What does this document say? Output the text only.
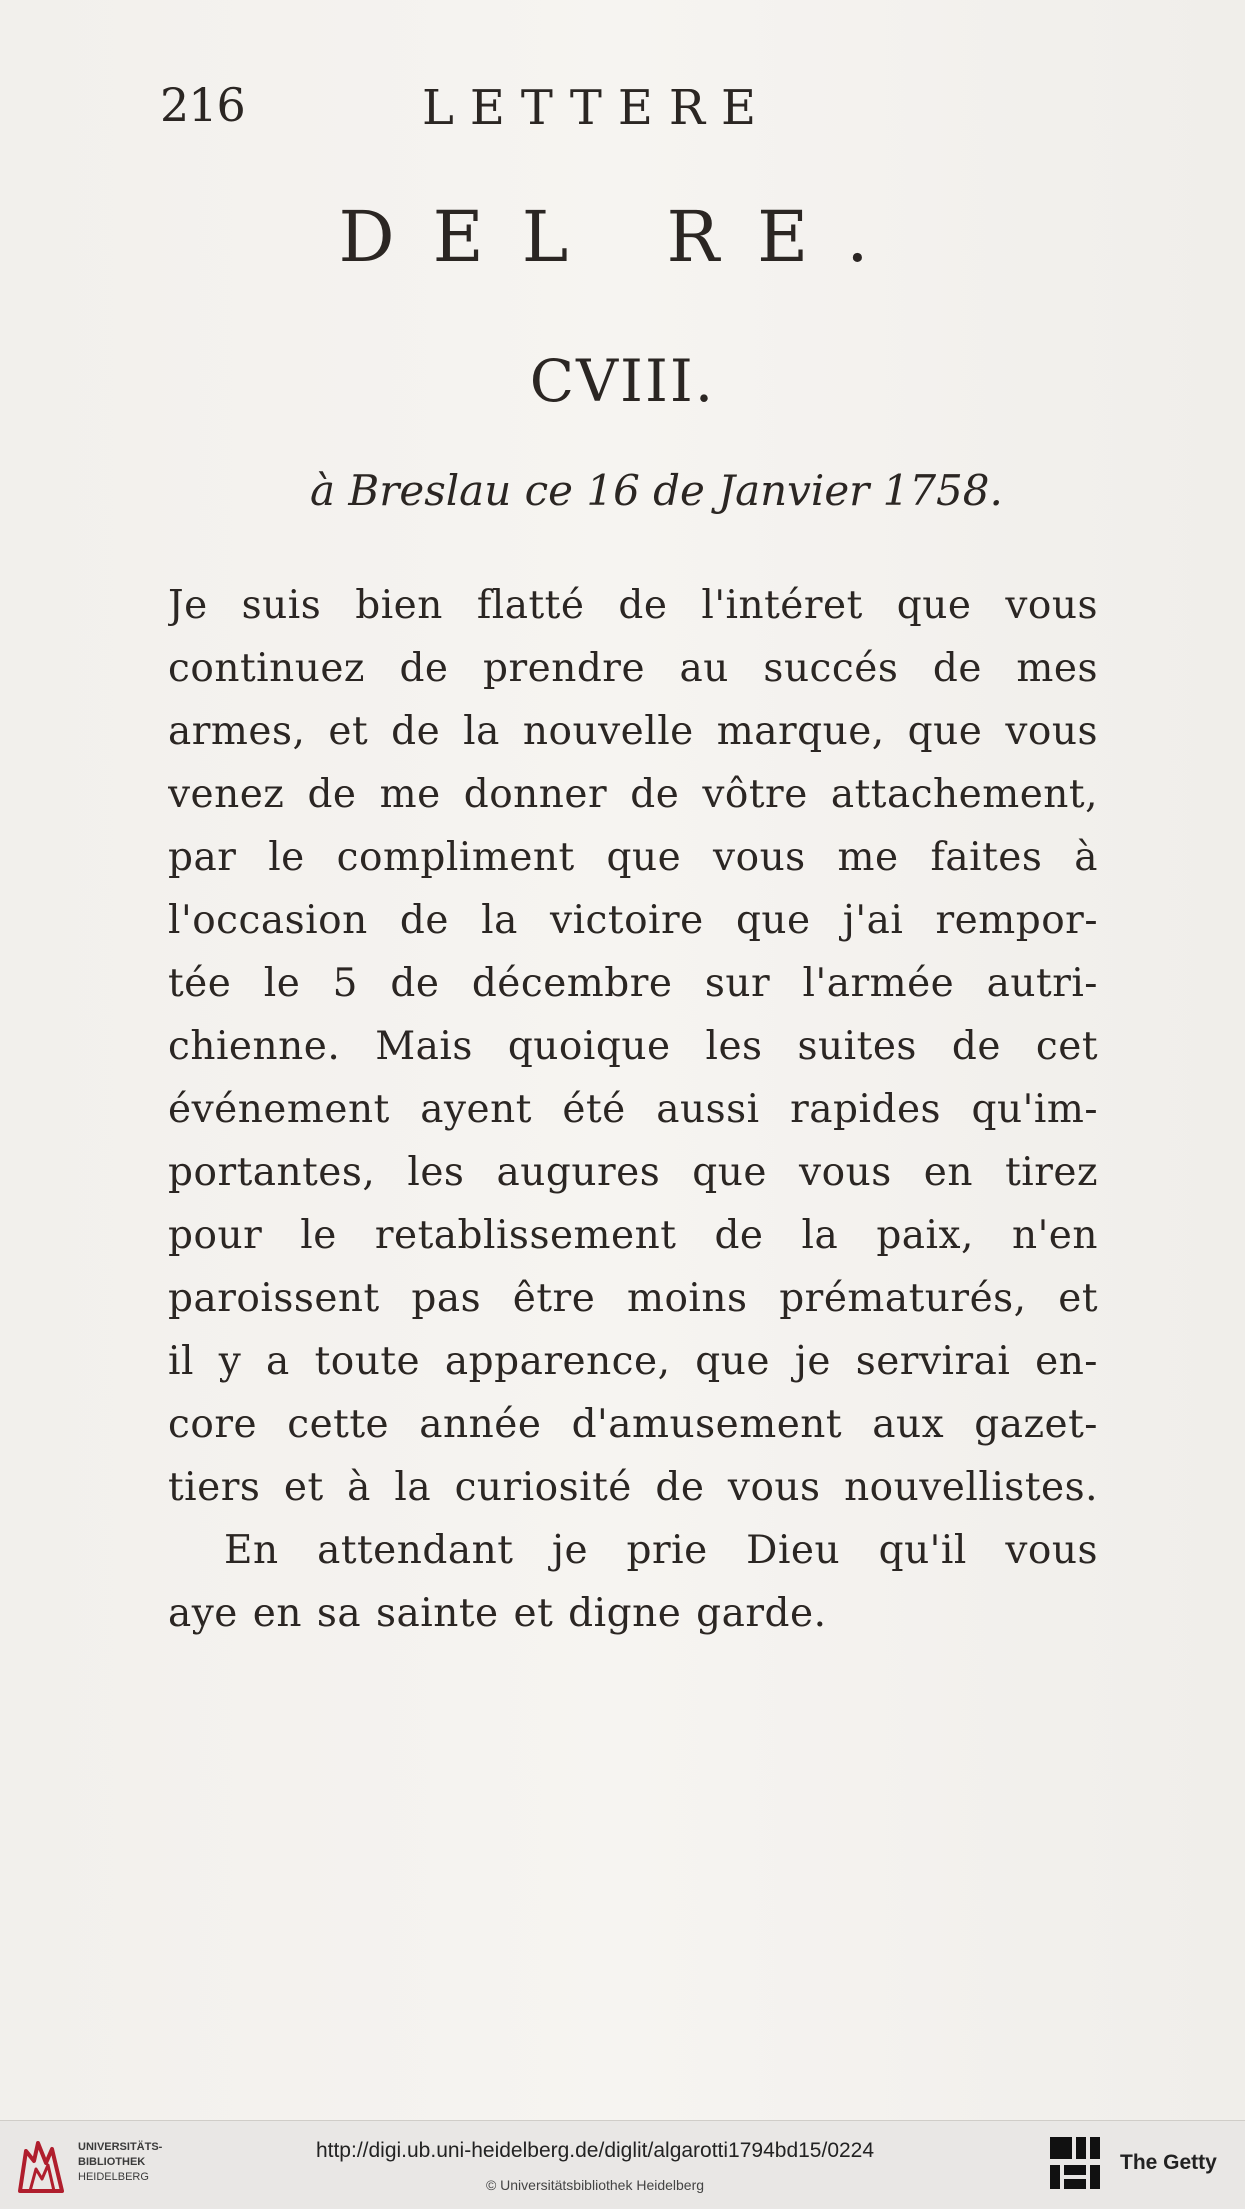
216	LETTERE
DEL RE.
CVIII.
à Breslau ce 16 de Janvier 1758.
Je suis bien flatté de l'intéret que vous
continuez de prendre au succés de mes
armes, et de la nouvelle marque, que vous
venez de me donner de vôtre attachement,
par le compliment que vous me faites à
l'occasion de la victoire que j'ai rempor-
tée le 5 de décembre sur l'armée autri-
chienne. Mais quoique les suites de cet
événement ayent été aussi rapides qu'im-
portantes, les augures que vous en tirez
pour le retablissement de la paix, n'en
paroissent pas être moins prématurés, et
il y a toute apparence, que je servirai en-
core cette année d'amusement aux gazet-
tiers et à la curiosité de vous nouvellistes.
En attendant je prie Dieu qu'il vous
aye en sa sainte et digne garde.
UNIVERSITÄTS-
BIBLIOTHEK
HEIDELBERG
http://digi.ub.uni-heidelberg.de/diglit/algarotti1794bd15/0224
© Universitätsbibliothek Heidelberg
The Getty
